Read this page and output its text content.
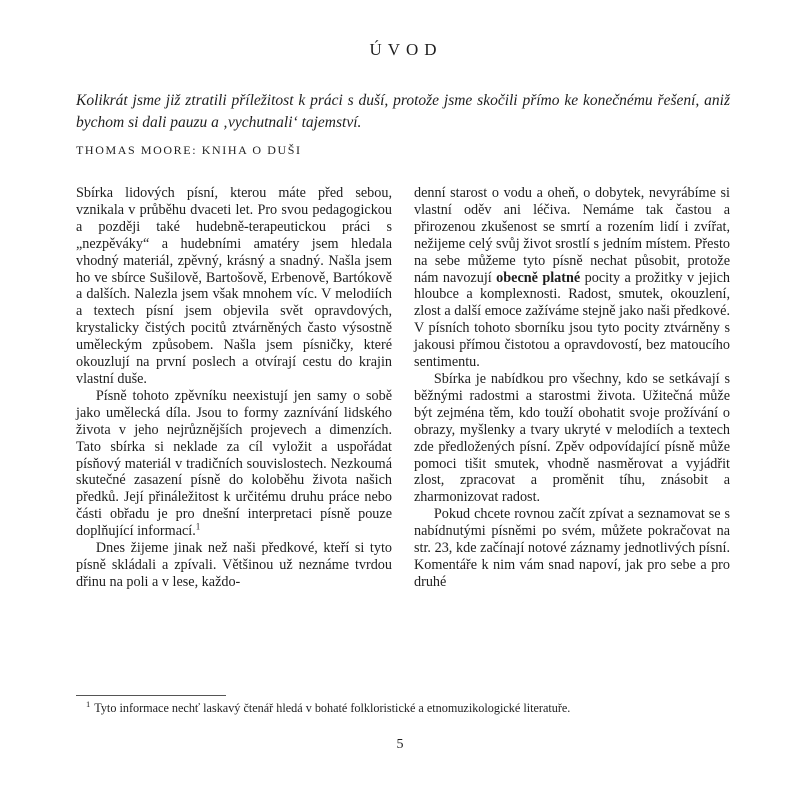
ÚVOD

Kolikrát jsme již ztratili příležitost k práci s duší, protože jsme skočili přímo ke konečnému řešení, aniž bychom si dali pauzu a ‚vychutnali‘ tajemství.

THOMAS MOORE: KNIHA O DUŠI

Sbírka lidových písní, kterou máte před sebou, vznikala v průběhu dvaceti let. Pro svou pedagogickou a později také hudebně-terapeutickou práci s „nezpěváky“ a hudebními amatéry jsem hledala vhodný materiál, zpěvný, krásný a snadný. Našla jsem ho ve sbírce Sušilově, Bartošově, Erbenově, Bartókově a dalších. Nalezla jsem však mnohem víc. V melodiích a textech písní jsem objevila svět opravdových, krystalicky čistých pocitů ztvárněných často výsostně uměleckým způsobem. Našla jsem písničky, které okouzlují na první poslech a otvírají cestu do krajin vlastní duše.

Písně tohoto zpěvníku neexistují jen samy o sobě jako umělecká díla. Jsou to formy zaznívání lidského života v jeho nejrůznějších projevech a dimenzích. Tato sbírka si neklade za cíl vyložit a uspořádat písňový materiál v tradičních souvislostech. Nezkoumá skutečné zasazení písně do koloběhu života našich předků. Její přináležitost k určitému druhu práce nebo části obřadu je pro dnešní interpretaci písně pouze doplňující informací.$^1$

Dnes žijeme jinak než naši předkové, kteří si tyto písně skládali a zpívali. Většinou už neznáme tvrdou dřinu na poli a v lese, každo-

denní starost o vodu a oheň, o dobytek, nevyrábíme si vlastní oděv ani léčiva. Nemáme tak častou a přirozenou zkušenost se smrtí a rozením lidí i zvířat, nežijeme celý svůj život srostlí s jedním místem. Přesto na sebe můžeme tyto písně nechat působit, protože nám navozují obecně platné pocity a prožitky v jejich hloubce a komplexnosti. Radost, smutek, okouzlení, zlost a další emoce zažíváme stejně jako naši předkové. V písních tohoto sborníku jsou tyto pocity ztvárněny s jakousi přímou čistotou a opravdovostí, bez matoucího sentimentu.

Sbírka je nabídkou pro všechny, kdo se setkávají s běžnými radostmi a starostmi života. Užitečná může být zejména těm, kdo touží obohatit svoje prožívání o obrazy, myšlenky a tvary ukryté v melodiích a textech zde předložených písní. Zpěv odpovídající písně může pomoci tišit smutek, vhodně nasměrovat a vyjádřit zlost, zpracovat a proměnit tíhu, znásobit a zharmonizovat radost.

Pokud chcete rovnou začít zpívat a seznamovat se s nabídnutými písněmi po svém, můžete pokračovat na str. 23, kde začínají notové záznamy jednotlivých písní. Komentáře k nim vám snad napoví, jak pro sebe a pro druhé

$^1$ Tyto informace nechť laskavý čtenář hledá v bohaté folkloristické a etnomuzikologické literatuře.

5
